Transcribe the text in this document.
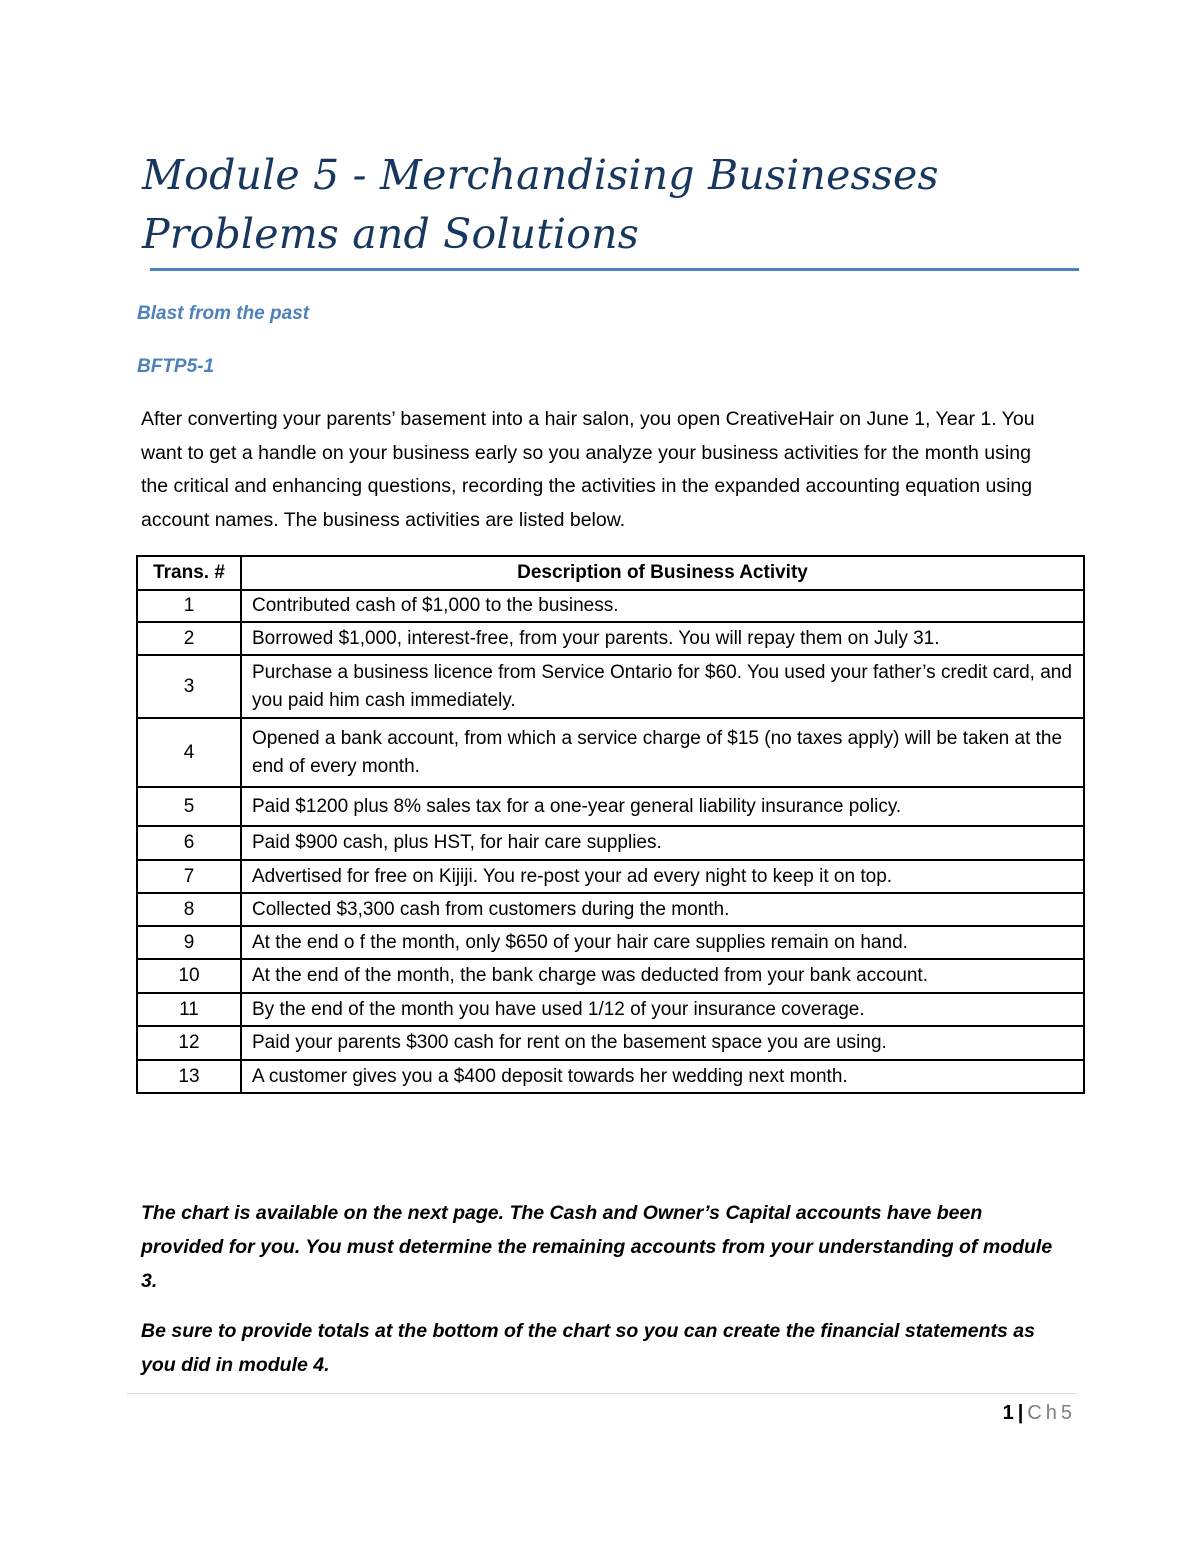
Module 5 - Merchandising Businesses
Problems and Solutions

Blast from the past

BFTP5-1

After converting your parents’ basement into a hair salon, you open CreativeHair on June 1, Year 1. You want to get a handle on your business early so you analyze your business activities for the month using the critical and enhancing questions, recording the activities in the expanded accounting equation using account names. The business activities are listed below.

Trans. #	Description of Business Activity
1	Contributed cash of $1,000 to the business.
2	Borrowed $1,000, interest-free, from your parents. You will repay them on July 31.
3	Purchase a business licence from Service Ontario for $60. You used your father’s credit card, and you paid him cash immediately.
4	Opened a bank account, from which a service charge of $15 (no taxes apply) will be taken at the end of every month.
5	Paid $1200 plus 8% sales tax for a one-year general liability insurance policy.
6	Paid $900 cash, plus HST, for hair care supplies.
7	Advertised for free on Kijiji. You re-post your ad every night to keep it on top.
8	Collected $3,300 cash from customers during the month.
9	At the end o f the month, only $650 of your hair care supplies remain on hand.
10	At the end of the month, the bank charge was deducted from your bank account.
11	By the end of the month you have used 1/12 of your insurance coverage.
12	Paid your parents $300 cash for rent on the basement space you are using.
13	A customer gives you a $400 deposit towards her wedding next month.

The chart is available on the next page. The Cash and Owner’s Capital accounts have been provided for you. You must determine the remaining accounts from your understanding of module 3.

Be sure to provide totals at the bottom of the chart so you can create the financial statements as you did in module 4.

1 | Ch5
